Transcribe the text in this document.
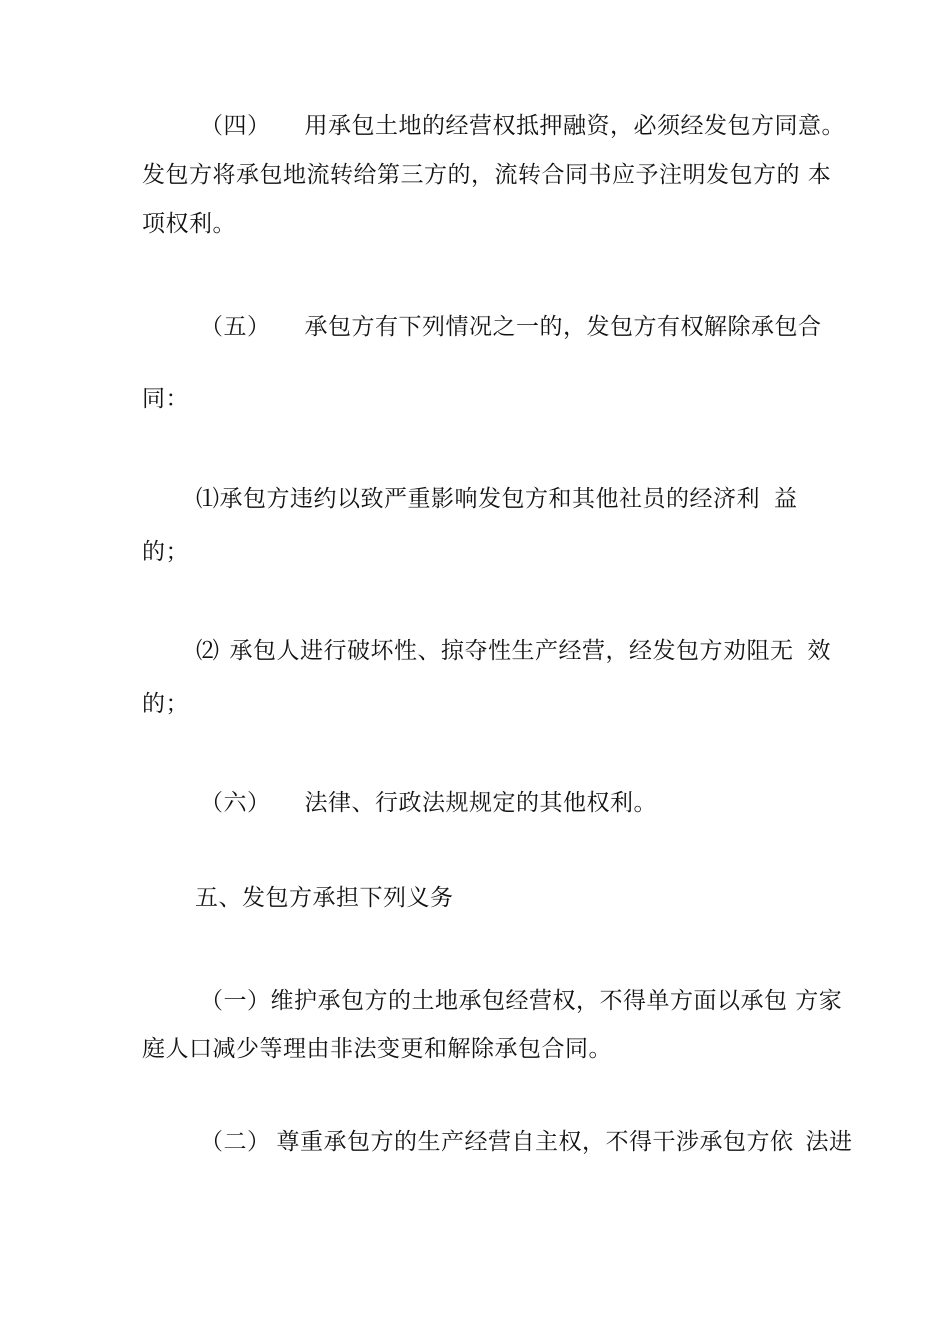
（四） 用承包土地的经营权抵押融资，必须经发包方同意。
发包方将承包地流转给第三方的，流转合同书应予注明发包方的 本
项权利。
（五） 承包方有下列情况之一的，发包方有权解除承包合
同：
⑴承包方违约以致严重影响发包方和其他社员的经济利 益
的；
⑵ 承包人进行破坏性、掠夺性生产经营，经发包方劝阻无 效
的；
（六） 法律、行政法规规定的其他权利。
五、发包方承担下列义务
（一）维护承包方的土地承包经营权，不得单方面以承包 方家
庭人口减少等理由非法变更和解除承包合同。
（二） 尊重承包方的生产经营自主权，不得干涉承包方依 法进
